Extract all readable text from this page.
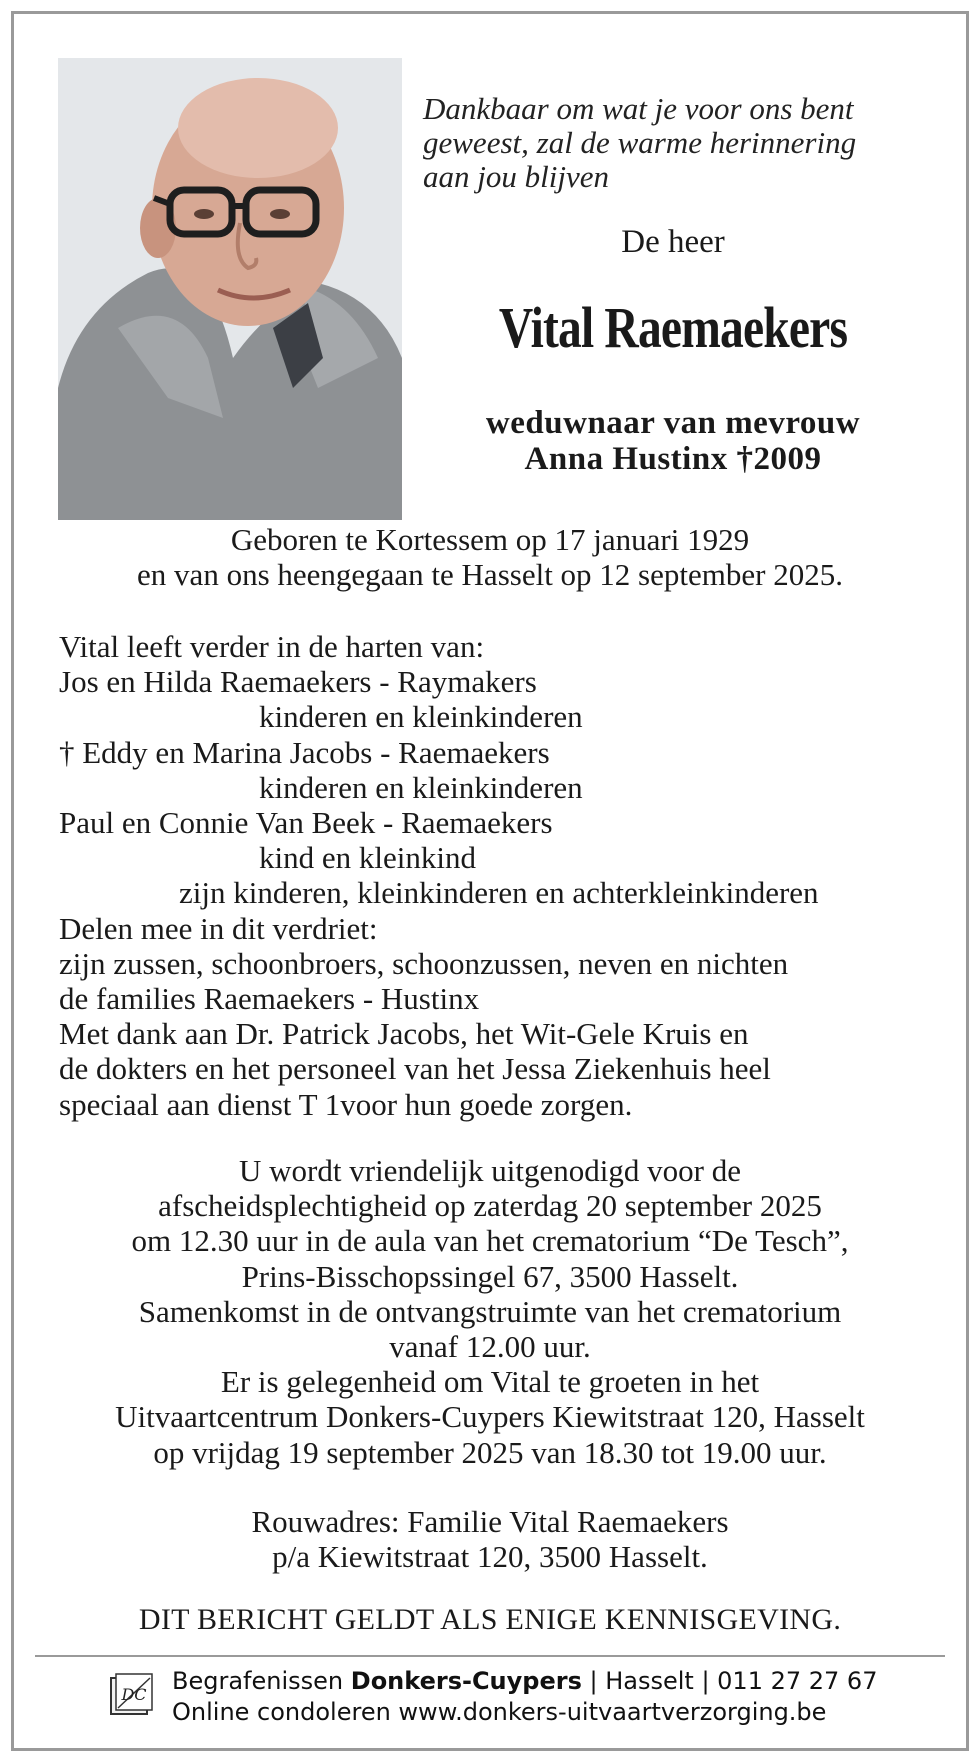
Dankbaar om wat je voor ons bent
geweest, zal de warme herinnering
aan jou blijven
De heer
Vital Raemaekers
weduwnaar van mevrouw
Anna Hustinx †2009
Geboren te Kortessem op 17 januari 1929
en van ons heengegaan te Hasselt op 12 september 2025.
Vital leeft verder in de harten van:
Jos en Hilda Raemaekers - Raymakers
kinderen en kleinkinderen
† Eddy en Marina Jacobs - Raemaekers
kinderen en kleinkinderen
Paul en Connie Van Beek - Raemaekers
kind en kleinkind
zijn kinderen, kleinkinderen en achterkleinkinderen
Delen mee in dit verdriet:
zijn zussen, schoonbroers, schoonzussen, neven en nichten
de families Raemaekers - Hustinx
Met dank aan Dr. Patrick Jacobs, het Wit-Gele Kruis en
de dokters en het personeel van het Jessa Ziekenhuis heel
speciaal aan dienst T 1voor hun goede zorgen.
U wordt vriendelijk uitgenodigd voor de
afscheidsplechtigheid op zaterdag 20 september 2025
om 12.30 uur in de aula van het crematorium “De Tesch”,
Prins-Bisschopssingel 67, 3500 Hasselt.
Samenkomst in de ontvangstruimte van het crematorium
vanaf 12.00 uur.
Er is gelegenheid om Vital te groeten in het
Uitvaartcentrum Donkers-Cuypers Kiewitstraat 120, Hasselt
op vrijdag 19 september 2025 van 18.30 tot 19.00 uur.
Rouwadres: Familie Vital Raemaekers
p/a Kiewitstraat 120, 3500 Hasselt.
DIT BERICHT GELDT ALS ENIGE KENNISGEVING.
DC Begrafenissen Donkers-Cuypers | Hasselt | 011 27 27 67
Online condoleren www.donkers-uitvaartverzorging.be
